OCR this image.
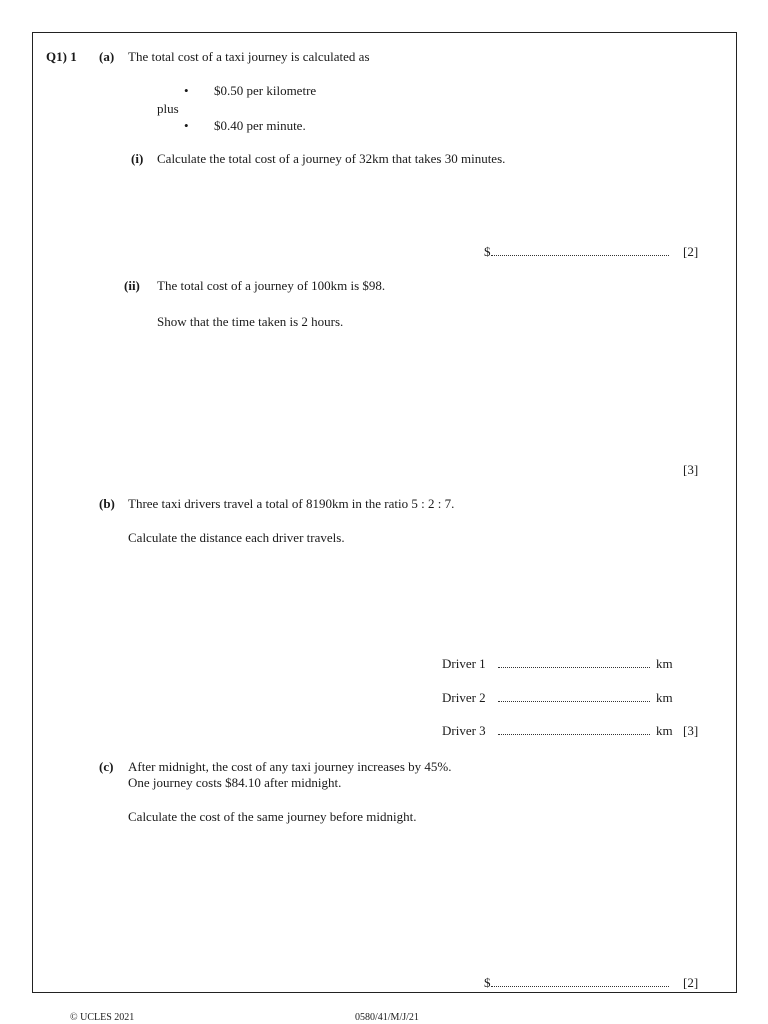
Q1) 1 (a) The total cost of a taxi journey is calculated as
• $0.50 per kilometre
plus
• $0.40 per minute.
(i) Calculate the total cost of a journey of 32km that takes 30 minutes.
$	[2]
(ii) The total cost of a journey of 100km is $98.
Show that the time taken is 2 hours.
[3]
(b) Three taxi drivers travel a total of 8190km in the ratio 5 : 2 : 7.
Calculate the distance each driver travels.
Driver 1	km
Driver 2	km
Driver 3	km [3]
(c) After midnight, the cost of any taxi journey increases by 45%.
One journey costs $84.10 after midnight.
Calculate the cost of the same journey before midnight.
$	[2]
© UCLES 2021	0580/41/M/J/21
